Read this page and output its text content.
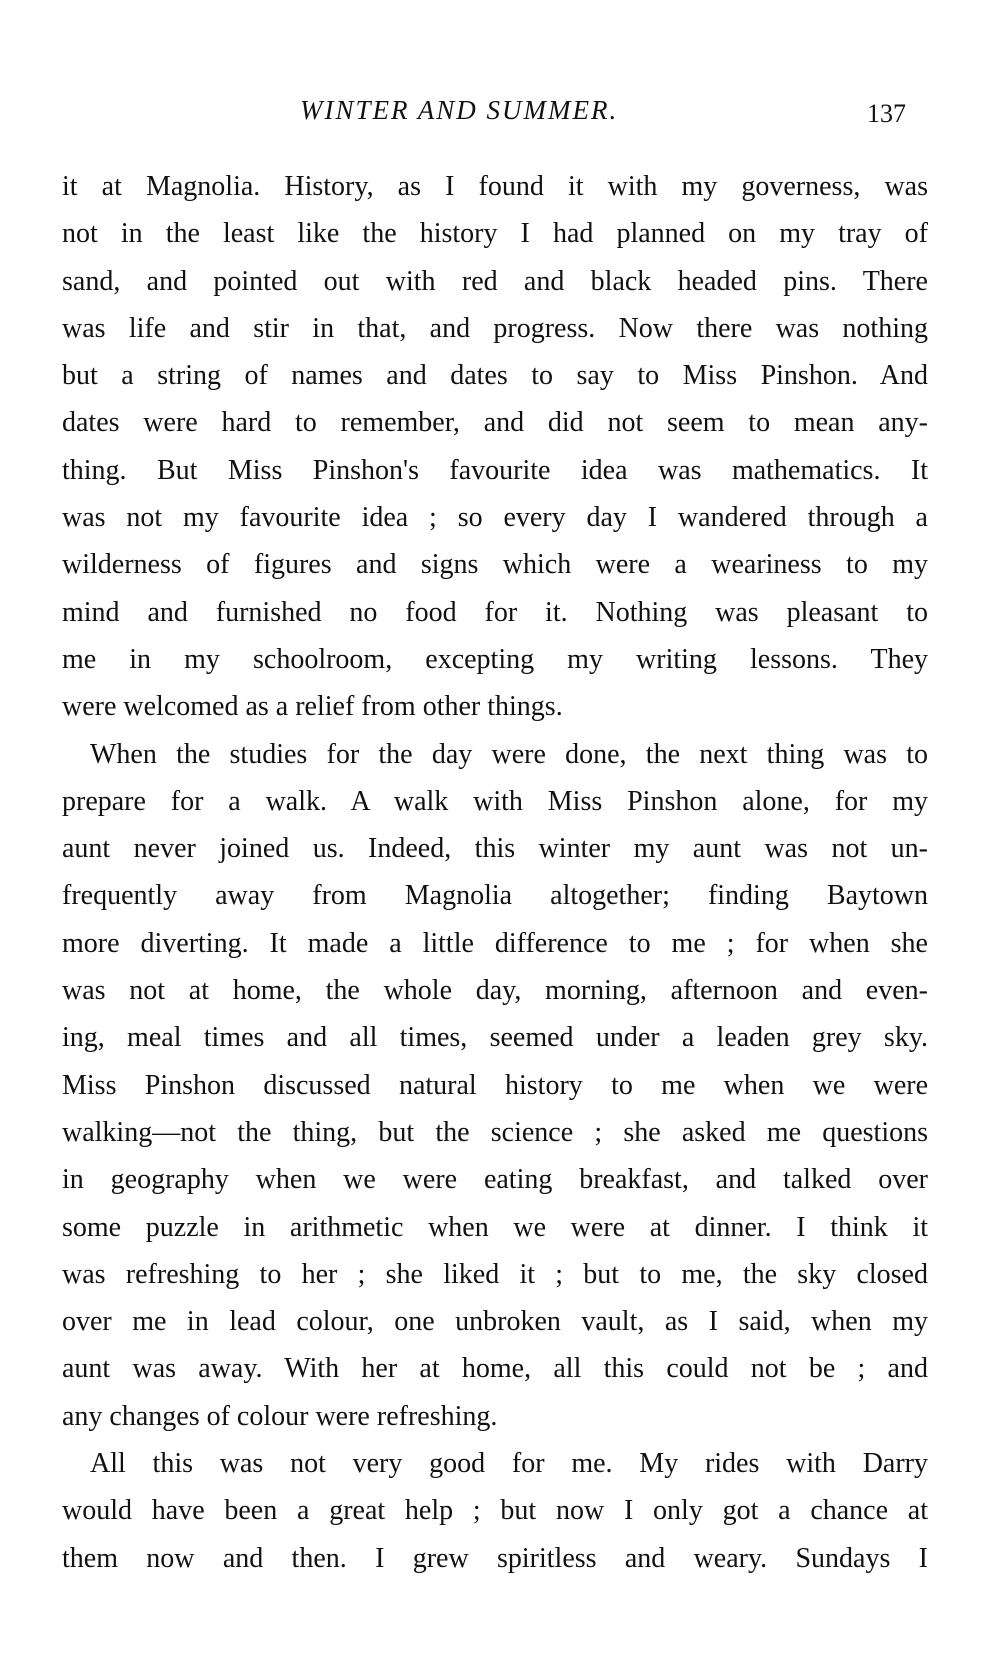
WINTER AND SUMMER.	137
it at Magnolia. History, as I found it with my governess, was
not in the least like the history I had planned on my tray of
sand, and pointed out with red and black headed pins. There
was life and stir in that, and progress. Now there was nothing
but a string of names and dates to say to Miss Pinshon. And
dates were hard to remember, and did not seem to mean any-
thing. But Miss Pinshon's favourite idea was mathematics. It
was not my favourite idea ; so every day I wandered through a
wilderness of figures and signs which were a weariness to my
mind and furnished no food for it. Nothing was pleasant to
me in my schoolroom, excepting my writing lessons. They
were welcomed as a relief from other things.
When the studies for the day were done, the next thing was to
prepare for a walk. A walk with Miss Pinshon alone, for my
aunt never joined us. Indeed, this winter my aunt was not un-
frequently away from Magnolia altogether; finding Baytown
more diverting. It made a little difference to me ; for when she
was not at home, the whole day, morning, afternoon and even-
ing, meal times and all times, seemed under a leaden grey sky.
Miss Pinshon discussed natural history to me when we were
walking—not the thing, but the science ; she asked me questions
in geography when we were eating breakfast, and talked over
some puzzle in arithmetic when we were at dinner. I think it
was refreshing to her ; she liked it ; but to me, the sky closed
over me in lead colour, one unbroken vault, as I said, when my
aunt was away. With her at home, all this could not be ; and
any changes of colour were refreshing.
All this was not very good for me. My rides with Darry
would have been a great help ; but now I only got a chance at
them now and then. I grew spiritless and weary. Sundays I
